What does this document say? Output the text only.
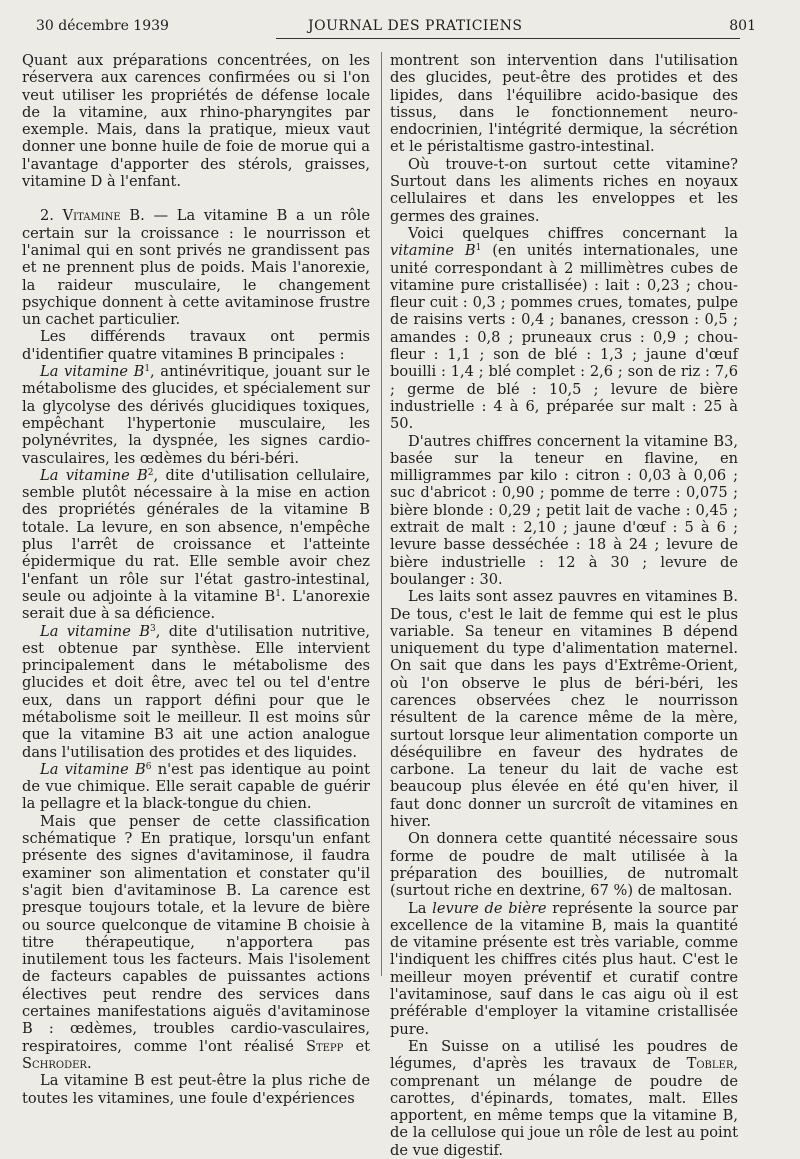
30 décembre 1939	JOURNAL DES PRATICIENS	801

Quant aux préparations concentrées, on les réservera aux carences confirmées ou si l'on veut utiliser les propriétés de défense locale de la vitamine, aux rhino-pharyngites par exemple. Mais, dans la pratique, mieux vaut donner une bonne huile de foie de morue qui a l'avantage d'apporter des stérols, graisses, vitamine D à l'enfant.

2. Vitamine B. — La vitamine B a un rôle certain sur la croissance : le nourrisson et l'animal qui en sont privés ne grandissent pas et ne prennent plus de poids. Mais l'anorexie, la raideur musculaire, le changement psychique donnent à cette avitaminose frustre un cachet particulier.

Les différends travaux ont permis d'identifier quatre vitamines B principales :

La vitamine $B^1$, antinévritique, jouant sur le métabolisme des glucides, et spécialement sur la glycolyse des dérivés glucidiques toxiques, empêchant l'hypertonie musculaire, les polynévrites, la dyspnée, les signes cardio-vasculaires, les œdèmes du béri-béri.

La vitamine $B^2$, dite d'utilisation cellulaire, semble plutôt nécessaire à la mise en action des propriétés générales de la vitamine B totale. La levure, en son absence, n'empêche plus l'arrêt de croissance et l'atteinte épidermique du rat. Elle semble avoir chez l'enfant un rôle sur l'état gastro-intestinal, seule ou adjointe à la vitamine $B^1$. L'anorexie serait due à sa déficience.

La vitamine $B^3$, dite d'utilisation nutritive, est obtenue par synthèse. Elle intervient principalement dans le métabolisme des glucides et doit être, avec tel ou tel d'entre eux, dans un rapport défini pour que le métabolisme soit le meilleur. Il est moins sûr que la vitamine B3 ait une action analogue dans l'utilisation des protides et des liquides.

La vitamine $B^6$ n'est pas identique au point de vue chimique. Elle serait capable de guérir la pellagre et la black-tongue du chien.

Mais que penser de cette classification schématique ? En pratique, lorsqu'un enfant présente des signes d'avitaminose, il faudra examiner son alimentation et constater qu'il s'agit bien d'avitaminose B. La carence est presque toujours totale, et la levure de bière ou source quelconque de vitamine B choisie à titre thérapeutique, n'apportera pas inutilement tous les facteurs. Mais l'isolement de facteurs capables de puissantes actions électives peut rendre des services dans certaines manifestations aiguës d'avitaminose B : œdèmes, troubles cardio-vasculaires, respiratoires, comme l'ont réalisé Stepp et Schroder.

La vitamine B est peut-être la plus riche de toutes les vitamines, une foule d'expériences

montrent son intervention dans l'utilisation des glucides, peut-être des protides et des lipides, dans l'équilibre acido-basique des tissus, dans le fonctionnement neuro-endocrinien, l'intégrité dermique, la sécrétion et le péristaltisme gastro-intestinal.

Où trouve-t-on surtout cette vitamine? Surtout dans les aliments riches en noyaux cellulaires et dans les enveloppes et les germes des graines.

Voici quelques chiffres concernant la vitamine $B^1$ (en unités internationales, une unité correspondant à 2 millimètres cubes de vitamine pure cristallisée) : lait : 0,23 ; chou-fleur cuit : 0,3 ; pommes crues, tomates, pulpe de raisins verts : 0,4 ; bananes, cresson : 0,5 ; amandes : 0,8 ; pruneaux crus : 0,9 ; chou-fleur : 1,1 ; son de blé : 1,3 ; jaune d'œuf bouilli : 1,4 ; blé complet : 2,6 ; son de riz : 7,6 ; germe de blé : 10,5 ; levure de bière industrielle : 4 à 6, préparée sur malt : 25 à 50.

D'autres chiffres concernent la vitamine B3, basée sur la teneur en flavine, en milligrammes par kilo : citron : 0,03 à 0,06 ; suc d'abricot : 0,90 ; pomme de terre : 0,075 ; bière blonde : 0,29 ; petit lait de vache : 0,45 ; extrait de malt : 2,10 ; jaune d'œuf : 5 à 6 ; levure basse desséchée : 18 à 24 ; levure de bière industrielle : 12 à 30 ; levure de boulanger : 30.

Les laits sont assez pauvres en vitamines B. De tous, c'est le lait de femme qui est le plus variable. Sa teneur en vitamines B dépend uniquement du type d'alimentation maternel. On sait que dans les pays d'Extrême-Orient, où l'on observe le plus de béri-béri, les carences observées chez le nourrisson résultent de la carence même de la mère, surtout lorsque leur alimentation comporte un déséquilibre en faveur des hydrates de carbone. La teneur du lait de vache est beaucoup plus élevée en été qu'en hiver, il faut donc donner un surcroît de vitamines en hiver.

On donnera cette quantité nécessaire sous forme de poudre de malt utilisée à la préparation des bouillies, de nutromalt (surtout riche en dextrine, 67 %) de maltosan.

La levure de bière représente la source par excellence de la vitamine B, mais la quantité de vitamine présente est très variable, comme l'indiquent les chiffres cités plus haut. C'est le meilleur moyen préventif et curatif contre l'avitaminose, sauf dans le cas aigu où il est préférable d'employer la vitamine cristallisée pure.

En Suisse on a utilisé les poudres de légumes, d'après les travaux de Tobler, comprenant un mélange de poudre de carottes, d'épinards, tomates, malt. Elles apportent, en même temps que la vitamine B, de la cellulose qui joue un rôle de lest au point de vue digestif.
